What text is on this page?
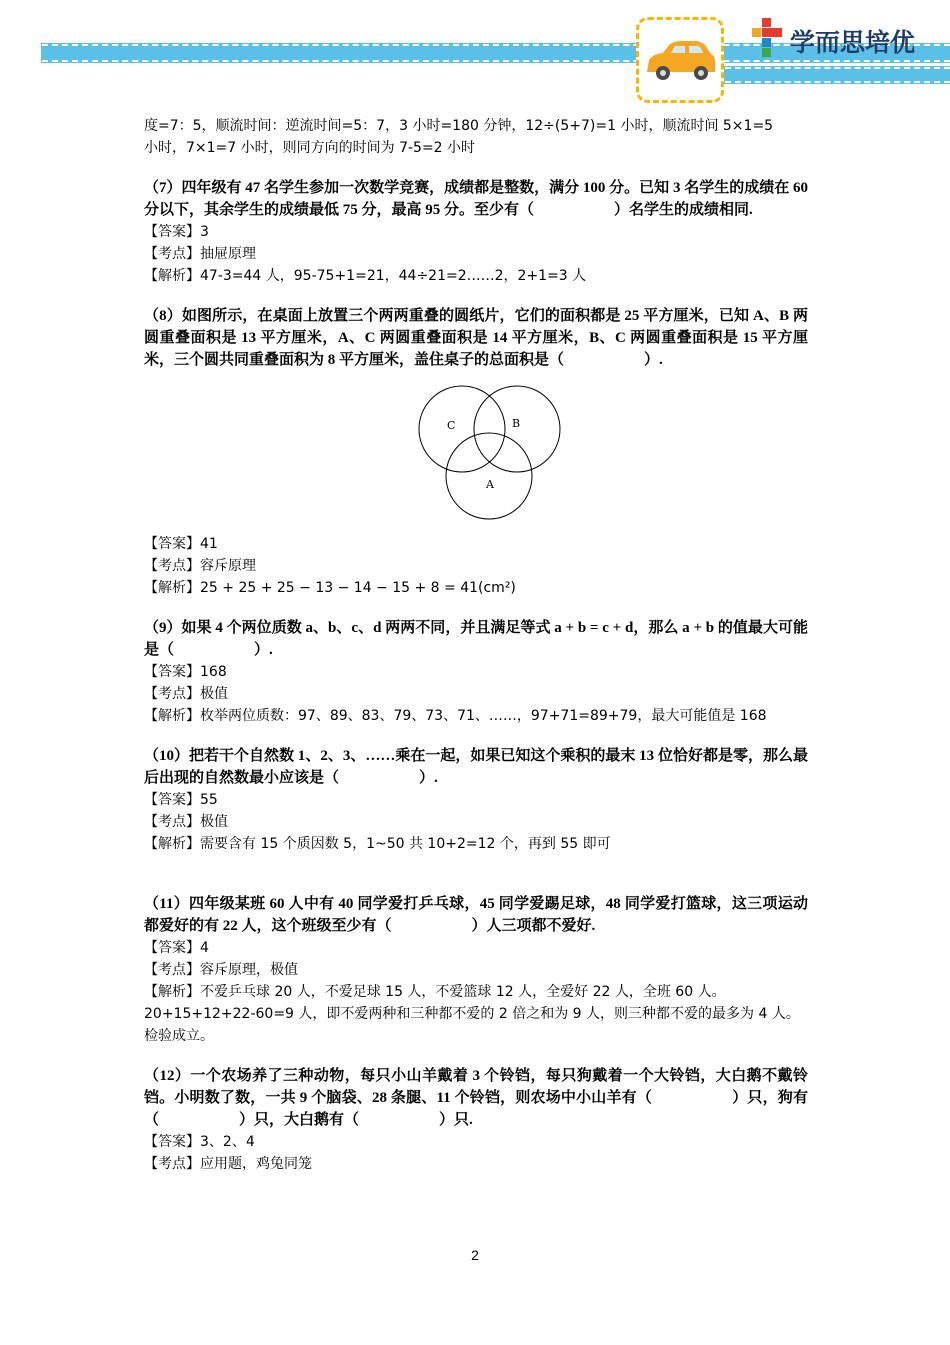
学而思培优

度=7：5，顺流时间：逆流时间=5：7，3 小时=180 分钟，12÷(5+7)=1 小时，顺流时间 5×1=5

小时，7×1=7 小时，则同方向的时间为 7-5=2 小时

（7）四年级有 47 名学生参加一次数学竞赛，成绩都是整数，满分 100 分。已知 3 名学生的成绩在 60 分以下，其余学生的成绩最低 75 分，最高 95 分。至少有（	）名学生的成绩相同.

【答案】3

【考点】抽屉原理

【解析】47-3=44 人，95-75+1=21，44÷21=2……2，2+1=3 人

（8）如图所示，在桌面上放置三个两两重叠的圆纸片，它们的面积都是 25 平方厘米，已知 A、B 两圆重叠面积是 13 平方厘米，A、C 两圆重叠面积是 14 平方厘米，B、C 两圆重叠面积是 15 平方厘米，三个圆共同重叠面积为 8 平方厘米，盖住桌子的总面积是（	）.
C	B
A

【答案】41

【考点】容斥原理

【解析】25 + 25 + 25 − 13 − 14 − 15 + 8 = 41(cm²)

（9）如果 4 个两位质数 a、b、c、d 两两不同，并且满足等式 a + b = c + d，那么 a + b 的值最大可能是（	）.

【答案】168

【考点】极值

【解析】枚举两位质数：97、89、83、79、73、71、……，97+71=89+79，最大可能值是 168

（10）把若干个自然数 1、2、3、……乘在一起，如果已知这个乘积的最末 13 位恰好都是零，那么最后出现的自然数最小应该是（	）.

【答案】55

【考点】极值

【解析】需要含有 15 个质因数 5，1~50 共 10+2=12 个，再到 55 即可

（11）四年级某班 60 人中有 40 同学爱打乒乓球，45 同学爱踢足球，48 同学爱打篮球，这三项运动都爱好的有 22 人，这个班级至少有（	）人三项都不爱好.

【答案】4

【考点】容斥原理，极值

【解析】不爱乒乓球 20 人，不爱足球 15 人，不爱篮球 12 人，全爱好 22 人，全班 60 人。20+15+12+22-60=9 人，即不爱两种和三种都不爱的 2 倍之和为 9 人，则三种都不爱的最多为 4 人。检验成立。

（12）一个农场养了三种动物，每只小山羊戴着 3 个铃铛，每只狗戴着一个大铃铛，大白鹅不戴铃铛。小明数了数，一共 9 个脑袋、28 条腿、11 个铃铛，则农场中小山羊有（	）只，狗有（	）只，大白鹅有（	）只.

【答案】3、2、4

【考点】应用题，鸡兔同笼

2
